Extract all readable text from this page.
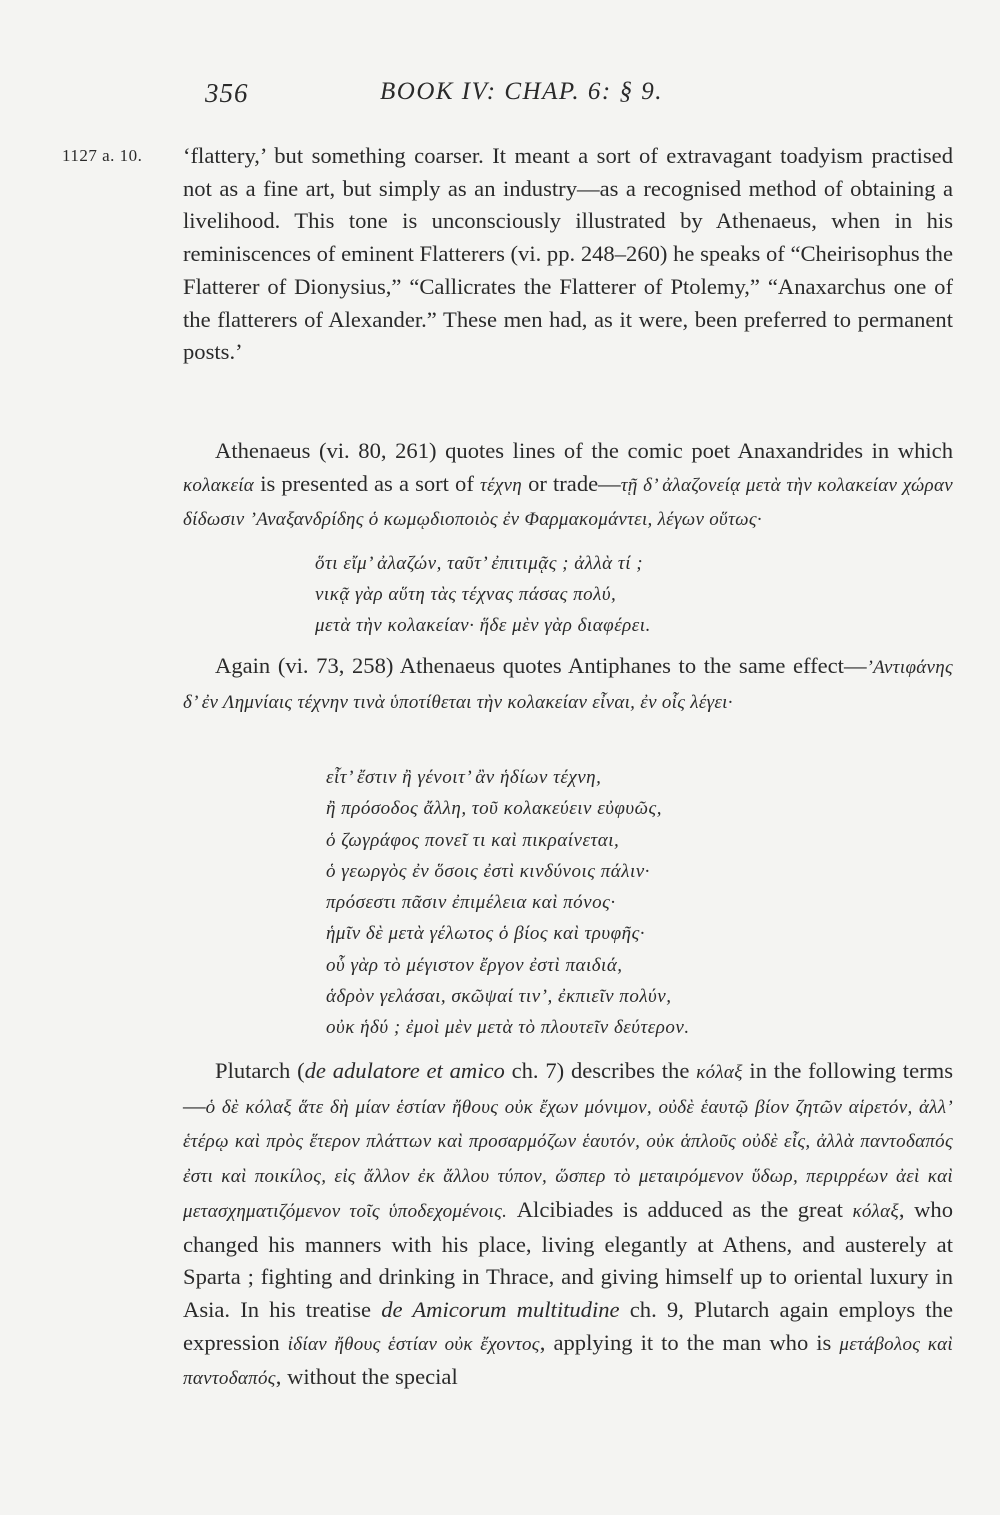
356	BOOK IV: CHAP. 6: § 9.
1127 a. 10. ‘flattery,’ but something coarser. It meant a sort of extravagant toadyism practised not as a fine art, but simply as an industry—as a recognised method of obtaining a livelihood. This tone is unconsciously illustrated by Athenaeus, when in his reminiscences of eminent Flatterers (vi. pp. 248–260) he speaks of “Cheirisophus the Flatterer of Dionysius,” “Callicrates the Flatterer of Ptolemy,” “Anaxarchus one of the flatterers of Alexander.” These men had, as it were, been preferred to permanent posts.’

Athenaeus (vi. 80, 261) quotes lines of the comic poet Anaxandrides in which κολακεία is presented as a sort of τέχνη or trade—τῇ δ’ ἀλαζονείᾳ μετὰ τὴν κολακείαν χώραν δίδωσιν ’Αναξανδρίδης ὁ κωμῳδιοποιὸς ἐν Φαρμακομάντει, λέγων οὕτως·

ὅτι εἴμ’ ἀλαζών, ταῦτ’ ἐπιτιμᾷς ; ἀλλὰ τί ;
νικᾷ γὰρ αὕτη τὰς τέχνας πάσας πολύ,
μετὰ τὴν κολακείαν· ἥδε μὲν γὰρ διαφέρει.

Again (vi. 73, 258) Athenaeus quotes Antiphanes to the same effect—’Αντιφάνης δ’ ἐν Λημνίαις τέχνην τινὰ ὑποτίθεται τὴν κολακείαν εἶναι, ἐν οἷς λέγει·

εἶτ’ ἔστιν ἢ γένοιτ’ ἂν ἡδίων τέχνη,
ἢ πρόσοδος ἄλλη, τοῦ κολακεύειν εὐφυῶς,
ὁ ζωγράφος πονεῖ τι καὶ πικραίνεται,
ὁ γεωργὸς ἐν ὅσοις ἐστὶ κινδύνοις πάλιν·
πρόσεστι πᾶσιν ἐπιμέλεια καὶ πόνος·
ἡμῖν δὲ μετὰ γέλωτος ὁ βίος καὶ τρυφῆς·
οὗ γὰρ τὸ μέγιστον ἔργον ἐστὶ παιδιά,
ἁδρὸν γελάσαι, σκῶψαί τιν’, ἐκπιεῖν πολύν,
οὐκ ἡδύ ; ἐμοὶ μὲν μετὰ τὸ πλουτεῖν δεύτερον.

Plutarch (de adulatore et amico ch. 7) describes the κόλαξ in the following terms—ὁ δὲ κόλαξ ἅτε δὴ μίαν ἑστίαν ἤθους οὐκ ἔχων μόνιμον, οὐδὲ ἑαυτῷ βίον ζητῶν αἱρετόν, ἀλλ’ ἑτέρῳ καὶ πρὸς ἕτερον πλάττων καὶ προσαρμόζων ἑαυτόν, οὐκ ἁπλοῦς οὐδὲ εἷς, ἀλλὰ παντοδαπός ἐστι καὶ ποικίλος, εἰς ἄλλον ἐκ ἄλλου τύπον, ὥσπερ τὸ μεταιρόμενον ὕδωρ, περιρρέων ἀεὶ καὶ μετασχηματιζόμενον τοῖς ὑποδεχομένοις. Alcibiades is adduced as the great κόλαξ, who changed his manners with his place, living elegantly at Athens, and austerely at Sparta ; fighting and drinking in Thrace, and giving himself up to oriental luxury in Asia. In his treatise de Amicorum multitudine ch. 9, Plutarch again employs the expression ἰδίαν ἤθους ἑστίαν οὐκ ἔχοντος, applying it to the man who is μετάβολος καὶ παντοδαπός, without the special
